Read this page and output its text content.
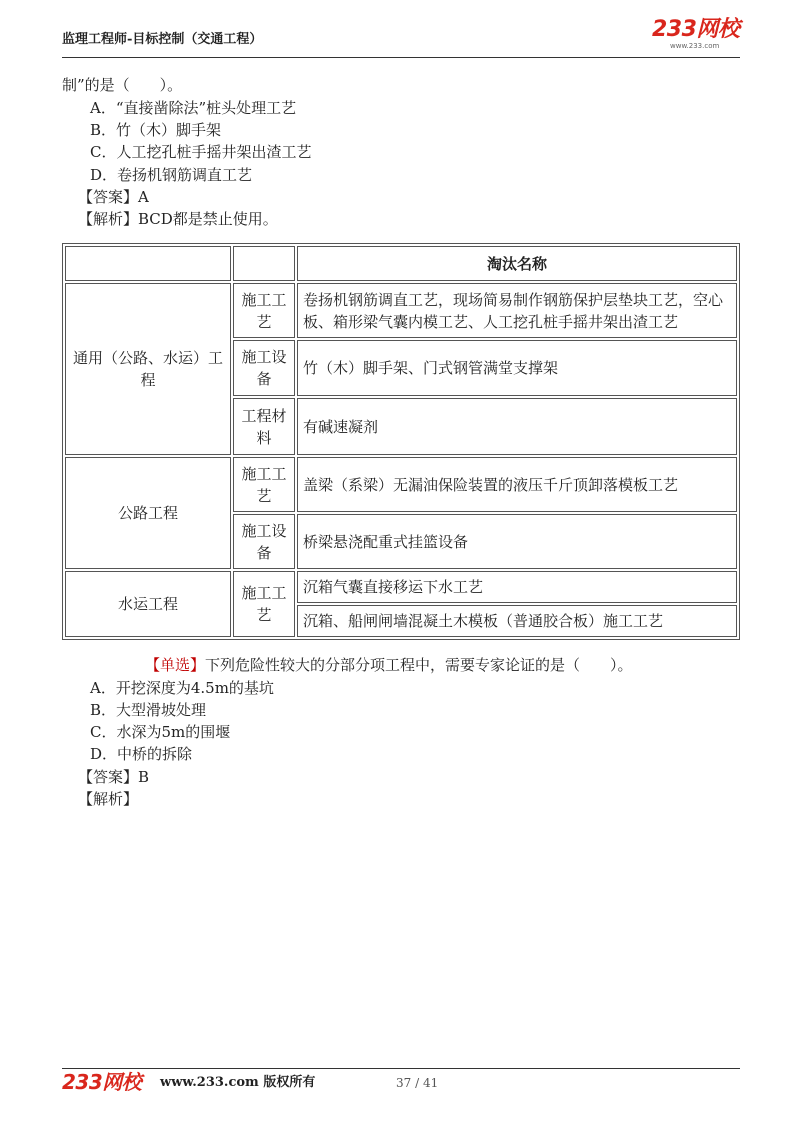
监理工程师-目标控制（交通工程）	233网校
www.233.com
制”的是（　　）。
A．“直接凿除法”桩头处理工艺
B．竹（木）脚手架
C．人工挖孔桩手摇井架出渣工艺
D．卷扬机钢筋调直工艺
【答案】A
【解析】BCD都是禁止使用。
		淘汰名称
通用（公路、水运）工程	施工工艺	卷扬机钢筋调直工艺，现场简易制作钢筋保护层垫块工艺，空心板、箱形梁气囊内模工艺、人工挖孔桩手摇井架出渣工艺
	施工设备	竹（木）脚手架、门式钢管满堂支撑架
	工程材料	有碱速凝剂
公路工程	施工工艺	盖梁（系梁）无漏油保险装置的液压千斤顶卸落模板工艺
	施工设备	桥梁悬浇配重式挂篮设备
水运工程	施工工艺	沉箱气囊直接移运下水工艺
		沉箱、船闸闸墙混凝土木模板（普通胶合板）施工工艺
【单选】下列危险性较大的分部分项工程中，需要专家论证的是（　　）。
A．开挖深度为4.5m的基坑
B．大型滑坡处理
C．水深为5m的围堰
D．中桥的拆除
【答案】B
【解析】
233网校 www.233.com 版权所有	37 / 41
